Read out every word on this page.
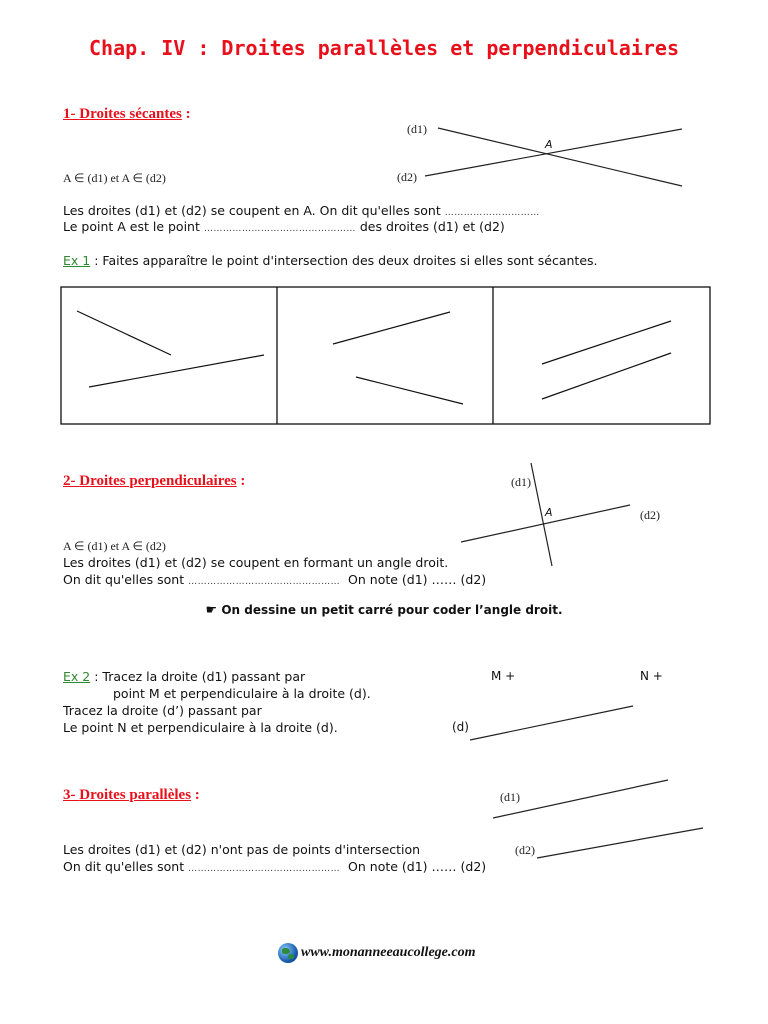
Chap. IV : Droites parallèles et perpendiculaires
1- Droites sécantes :
(d1)
A
(d2)
A ∈ (d1) et A ∈ (d2)
Les droites (d1) et (d2) se coupent en A. On dit qu'elles sont …………………………
Le point A est le point ………………………………………… des droites (d1) et (d2)
Ex 1 : Faites apparaître le point d'intersection des deux droites si elles sont sécantes.
2- Droites perpendiculaires :	(d1)
A	(d2)
A ∈ (d1) et A ∈ (d2)
Les droites (d1) et (d2) se coupent en formant un angle droit.
On dit qu'elles sont ………………………………………… On note (d1) …… (d2)
☛ On dessine un petit carré pour coder l’angle droit.
Ex 2 : Tracez la droite (d1) passant par
point M et perpendiculaire à la droite (d).
Tracez la droite (d’) passant par
Le point N et perpendiculaire à la droite (d).
M +	N +
(d)
3- Droites parallèles :	(d1)
(d2)
Les droites (d1) et (d2) n'ont pas de points d'intersection
On dit qu'elles sont ………………………………………… On note (d1) …… (d2)
www.monanneeaucollege.com
